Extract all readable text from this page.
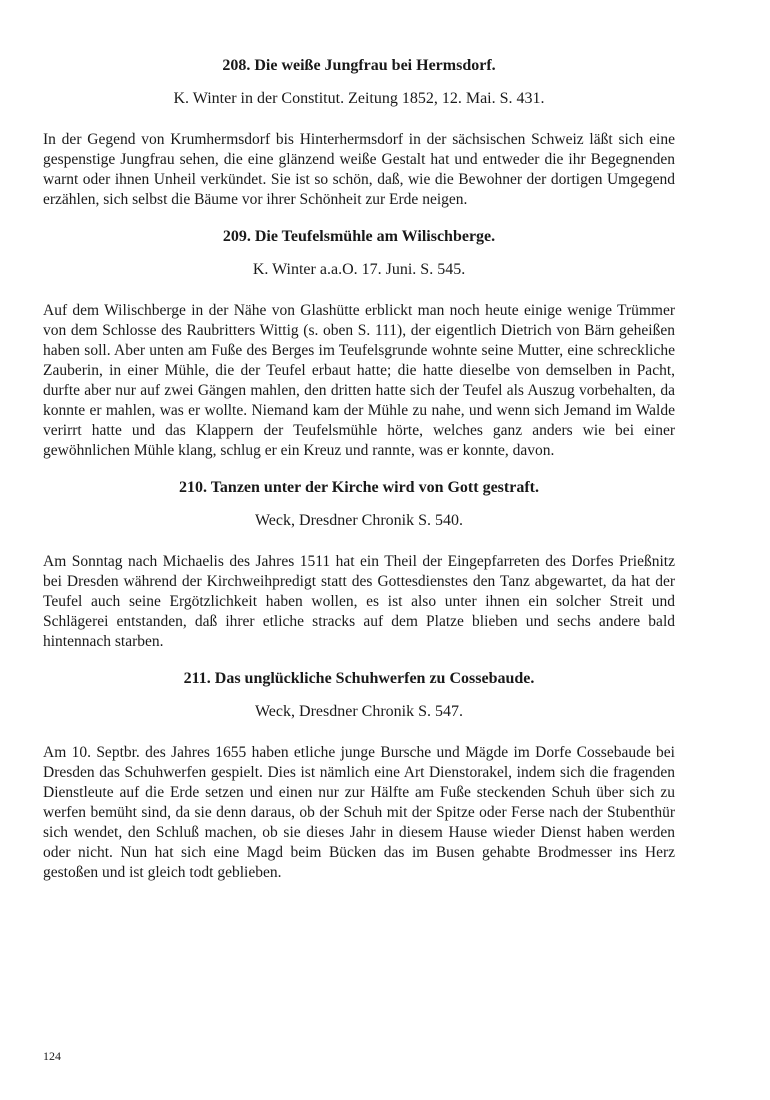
208. Die weiße Jungfrau bei Hermsdorf.

K. Winter in der Constitut. Zeitung 1852, 12. Mai. S. 431.

In der Gegend von Krumhermsdorf bis Hinterhermsdorf in der sächsischen Schweiz läßt sich eine gespenstige Jungfrau sehen, die eine glänzend weiße Gestalt hat und entweder die ihr Begegnenden warnt oder ihnen Unheil verkündet. Sie ist so schön, daß, wie die Bewohner der dortigen Umgegend erzählen, sich selbst die Bäume vor ihrer Schönheit zur Erde neigen.

209. Die Teufelsmühle am Wilischberge.

K. Winter a.a.O. 17. Juni. S. 545.

Auf dem Wilischberge in der Nähe von Glashütte erblickt man noch heute einige wenige Trümmer von dem Schlosse des Raubritters Wittig (s. oben S. 111), der eigentlich Dietrich von Bärn geheißen haben soll. Aber unten am Fuße des Berges im Teufelsgrunde wohnte seine Mutter, eine schreckliche Zauberin, in einer Mühle, die der Teufel erbaut hatte; die hatte dieselbe von demselben in Pacht, durfte aber nur auf zwei Gängen mahlen, den dritten hatte sich der Teufel als Auszug vorbehalten, da konnte er mahlen, was er wollte. Niemand kam der Mühle zu nahe, und wenn sich Jemand im Walde verirrt hatte und das Klappern der Teufelsmühle hörte, welches ganz anders wie bei einer gewöhnlichen Mühle klang, schlug er ein Kreuz und rannte, was er konnte, davon.

210. Tanzen unter der Kirche wird von Gott gestraft.

Weck, Dresdner Chronik S. 540.

Am Sonntag nach Michaelis des Jahres 1511 hat ein Theil der Eingepfarreten des Dorfes Prießnitz bei Dresden während der Kirchweihpredigt statt des Gottesdienstes den Tanz abgewartet, da hat der Teufel auch seine Ergötzlichkeit haben wollen, es ist also unter ihnen ein solcher Streit und Schlägerei entstanden, daß ihrer etliche stracks auf dem Platze blieben und sechs andere bald hintennach starben.

211. Das unglückliche Schuhwerfen zu Cossebaude.

Weck, Dresdner Chronik S. 547.

Am 10. Septbr. des Jahres 1655 haben etliche junge Bursche und Mägde im Dorfe Cossebaude bei Dresden das Schuhwerfen gespielt. Dies ist nämlich eine Art Dienstorakel, indem sich die fragenden Dienstleute auf die Erde setzen und einen nur zur Hälfte am Fuße steckenden Schuh über sich zu werfen bemüht sind, da sie denn daraus, ob der Schuh mit der Spitze oder Ferse nach der Stubenthür sich wendet, den Schluß machen, ob sie dieses Jahr in diesem Hause wieder Dienst haben werden oder nicht. Nun hat sich eine Magd beim Bücken das im Busen gehabte Brodmesser ins Herz gestoßen und ist gleich todt geblieben.

124
